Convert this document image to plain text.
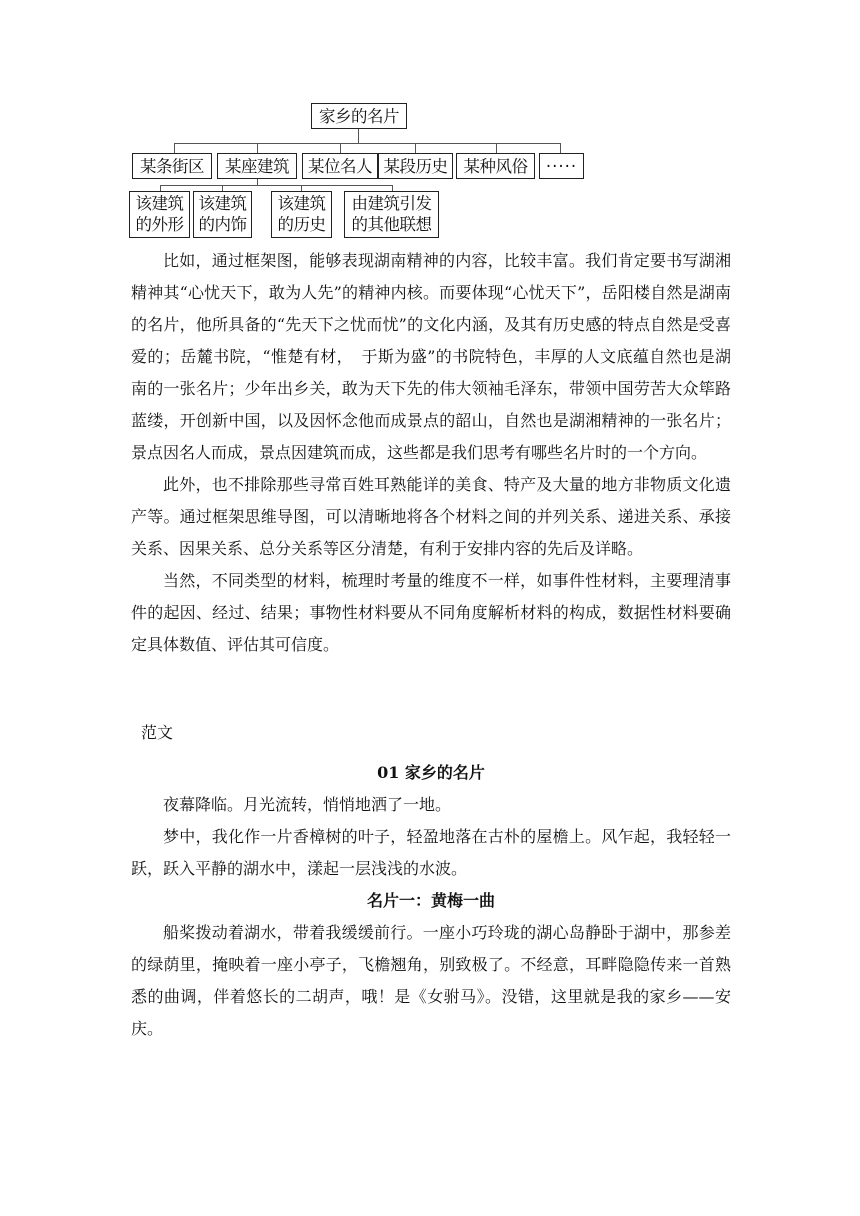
家乡的名片
某条街区	某座建筑	某位名人 某段历史 某种风俗	·····
该建筑
的外形
该建筑
的内饰
该建筑
的历史
由建筑引发
的其他联想

比如，通过框架图，能够表现湖南精神的内容，比较丰富。我们肯定要书写湖湘精神其“心忧天下，敢为人先”的精神内核。而要体现“心忧天下”，岳阳楼自然是湖南的名片，他所具备的“先天下之忧而忧”的文化内涵，及其有历史感的特点自然是受喜爱的；岳麓书院，“惟楚有材，　于斯为盛”的书院特色，丰厚的人文底蕴自然也是湖南的一张名片；少年出乡关，敢为天下先的伟大领袖毛泽东，带领中国劳苦大众筚路蓝缕，开创新中国，以及因怀念他而成景点的韶山，自然也是湖湘精神的一张名片；景点因名人而成，景点因建筑而成，这些都是我们思考有哪些名片时的一个方向。

此外，也不排除那些寻常百姓耳熟能详的美食、特产及大量的地方非物质文化遗产等。通过框架思维导图，可以清晰地将各个材料之间的并列关系、递进关系、承接关系、因果关系、总分关系等区分清楚，有利于安排内容的先后及详略。

当然，不同类型的材料，梳理时考量的维度不一样，如事件性材料，主要理清事件的起因、经过、结果；事物性材料要从不同角度解析材料的构成，数据性材料要确定具体数值、评估其可信度。

范文
01 家乡的名片

夜幕降临。月光流转，悄悄地洒了一地。

梦中，我化作一片香樟树的叶子，轻盈地落在古朴的屋檐上。风乍起，我轻轻一跃，跃入平静的湖水中，漾起一层浅浅的水波。

名片一：黄梅一曲

船桨拨动着湖水，带着我缓缓前行。一座小巧玲珑的湖心岛静卧于湖中，那参差的绿荫里，掩映着一座小亭子，飞檐翘角，别致极了。不经意，耳畔隐隐传来一首熟悉的曲调，伴着悠长的二胡声，哦！是《女驸马》。没错，这里就是我的家乡——安庆。
